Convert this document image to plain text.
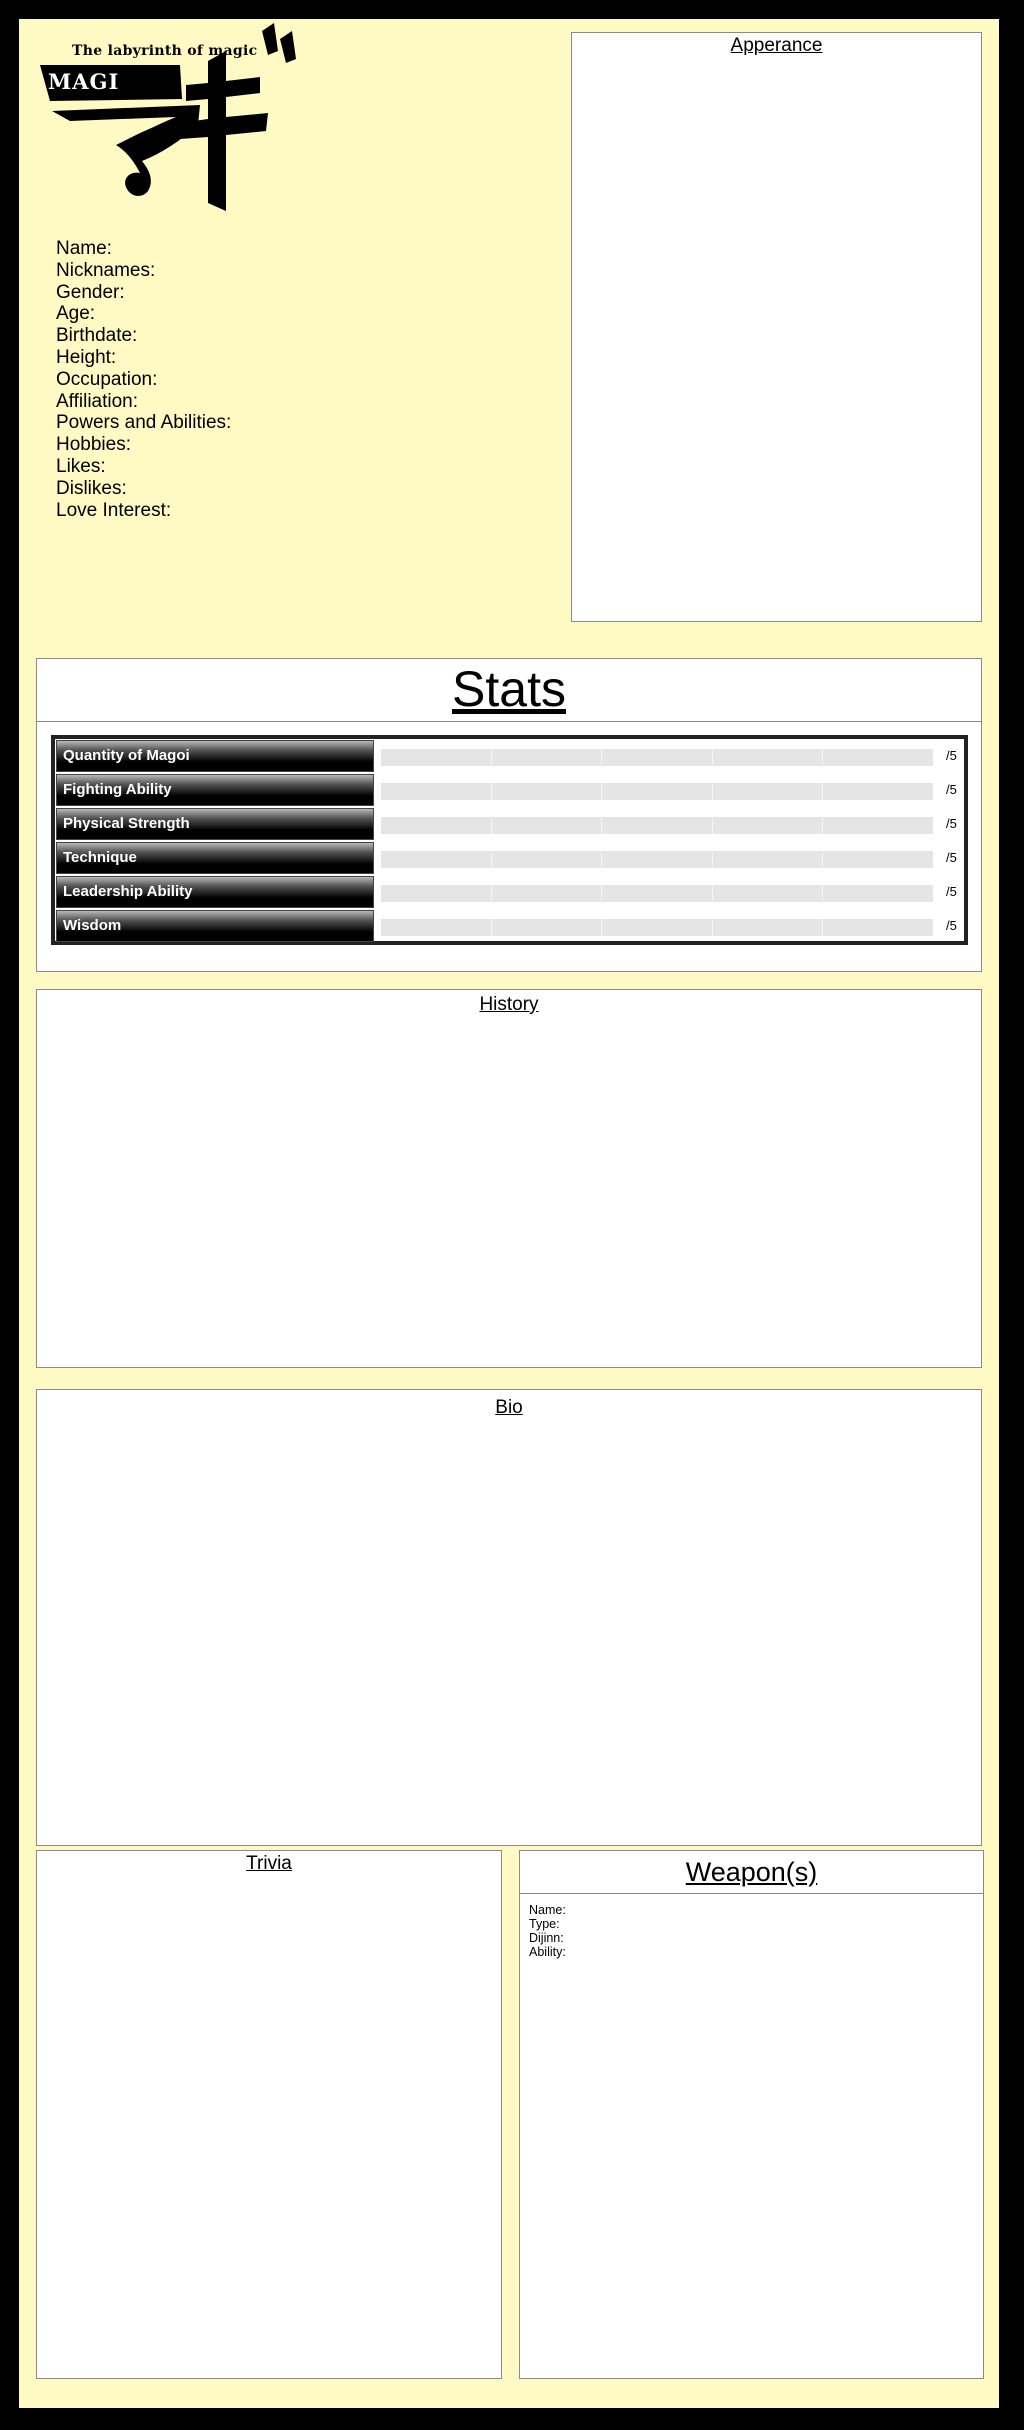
The labyrinth of magic
MAGI
Name:
Nicknames:
Gender:
Age:
Birthdate:
Height:
Occupation:
Affiliation:
Powers and Abilities:
Hobbies:
Likes:
Dislikes:
Love Interest:
Apperance
Stats
Quantity of Magoi	/5
Fighting Ability	/5
Physical Strength	/5
Technique	/5
Leadership Ability	/5
Wisdom	/5
History
Bio
Trivia	Weapon(s)
Name:
Type:
Dijinn:
Ability:
